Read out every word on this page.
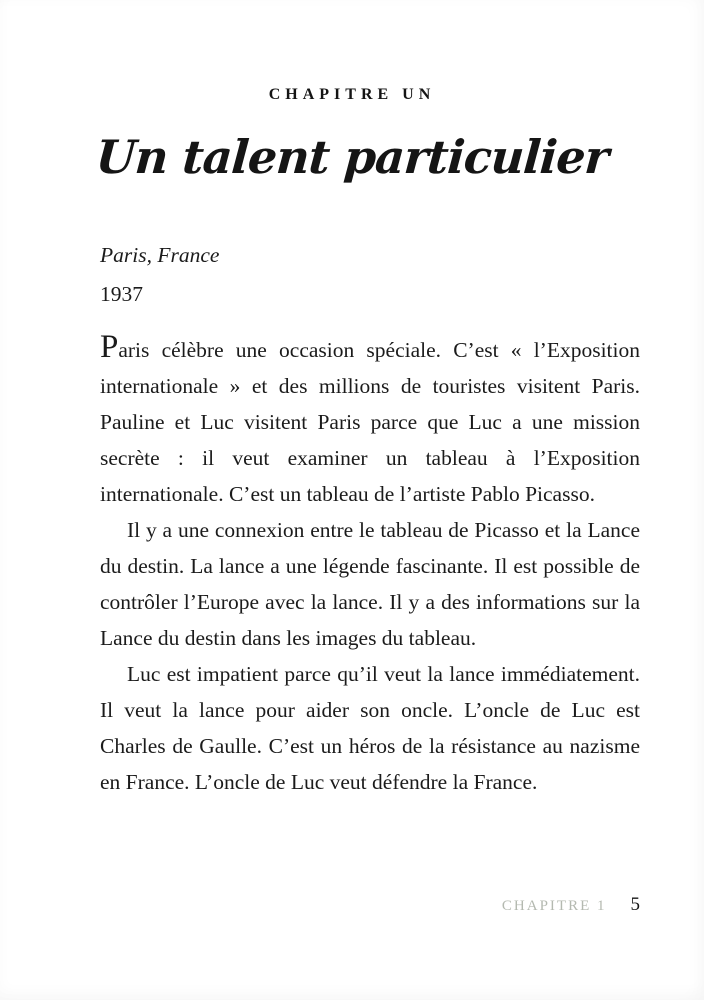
CHAPITRE UN
Un talent particulier
Paris, France
1937

Paris célèbre une occasion spéciale. C’est « l’Exposition internationale » et des millions de touristes visitent Paris. Pauline et Luc visitent Paris parce que Luc a une mission secrète : il veut examiner un tableau à l’Exposition internationale. C’est un tableau de l’artiste Pablo Picasso.

Il y a une connexion entre le tableau de Picasso et la Lance du destin. La lance a une légende fascinante. Il est possible de contrôler l’Europe avec la lance. Il y a des informations sur la Lance du destin dans les images du tableau.

Luc est impatient parce qu’il veut la lance immédiatement. Il veut la lance pour aider son oncle. L’oncle de Luc est Charles de Gaulle. C’est un héros de la résistance au nazisme en France. L’oncle de Luc veut défendre la France.

CHAPITRE 1 5
